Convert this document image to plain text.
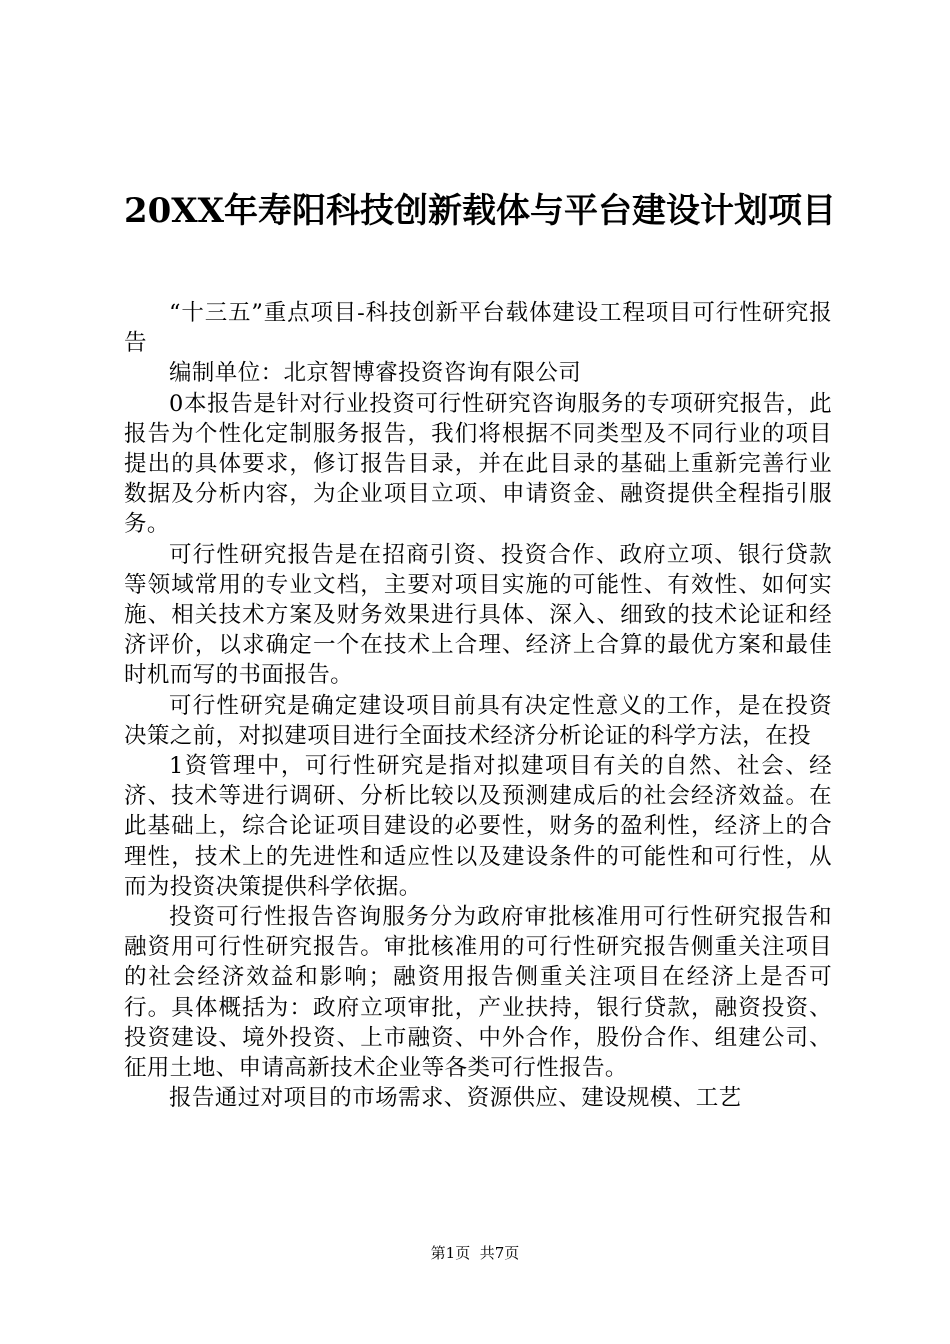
20XX年寿阳科技创新载体与平台建设计划项目

“十三五”重点项目-科技创新平台载体建设工程项目可行性研究报告

编制单位：北京智博睿投资咨询有限公司

0本报告是针对行业投资可行性研究咨询服务的专项研究报告，此报告为个性化定制服务报告，我们将根据不同类型及不同行业的项目提出的具体要求，修订报告目录，并在此目录的基础上重新完善行业数据及分析内容，为企业项目立项、申请资金、融资提供全程指引服务。

可行性研究报告是在招商引资、投资合作、政府立项、银行贷款等领域常用的专业文档，主要对项目实施的可能性、有效性、如何实施、相关技术方案及财务效果进行具体、深入、细致的技术论证和经济评价，以求确定一个在技术上合理、经济上合算的最优方案和最佳时机而写的书面报告。

可行性研究是确定建设项目前具有决定性意义的工作，是在投资决策之前，对拟建项目进行全面技术经济分析论证的科学方法，在投

1资管理中，可行性研究是指对拟建项目有关的自然、社会、经济、技术等进行调研、分析比较以及预测建成后的社会经济效益。在此基础上，综合论证项目建设的必要性，财务的盈利性，经济上的合理性，技术上的先进性和适应性以及建设条件的可能性和可行性，从而为投资决策提供科学依据。

投资可行性报告咨询服务分为政府审批核准用可行性研究报告和融资用可行性研究报告。审批核准用的可行性研究报告侧重关注项目的社会经济效益和影响；融资用报告侧重关注项目在经济上是否可行。具体概括为：政府立项审批，产业扶持，银行贷款，融资投资、投资建设、境外投资、上市融资、中外合作，股份合作、组建公司、征用土地、申请高新技术企业等各类可行性报告。

报告通过对项目的市场需求、资源供应、建设规模、工艺

第1页 共7页
